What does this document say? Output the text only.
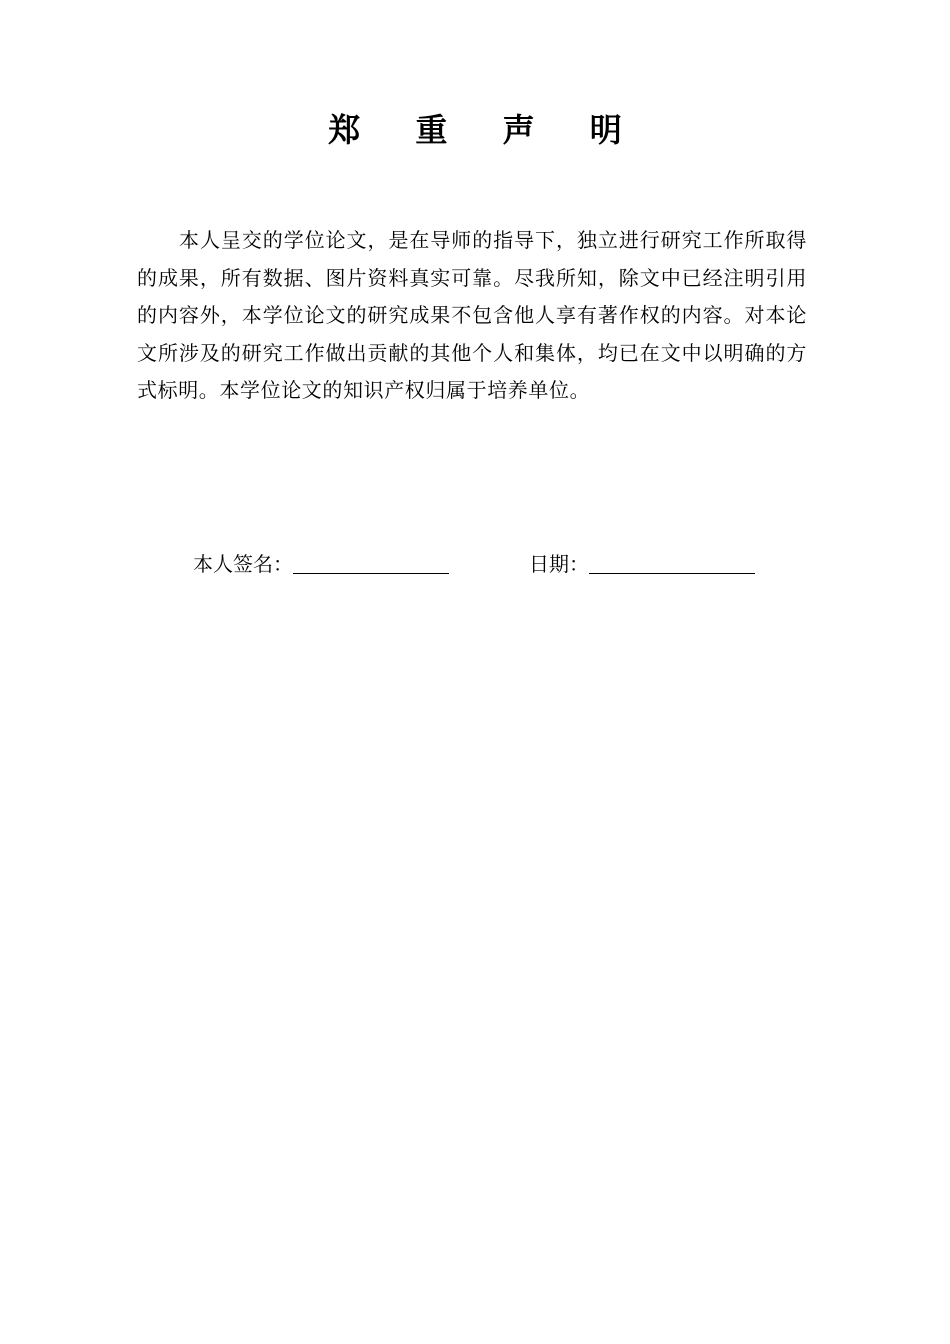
郑 重 声 明
本人呈交的学位论文，是在导师的指导下，独立进行研究工作所取得的成果，所有数据、图片资料真实可靠。尽我所知，除文中已经注明引用的内容外，本学位论文的研究成果不包含他人享有著作权的内容。对本论文所涉及的研究工作做出贡献的其他个人和集体，均已在文中以明确的方式标明。本学位论文的知识产权归属于培养单位。
本人签名：	日期：
